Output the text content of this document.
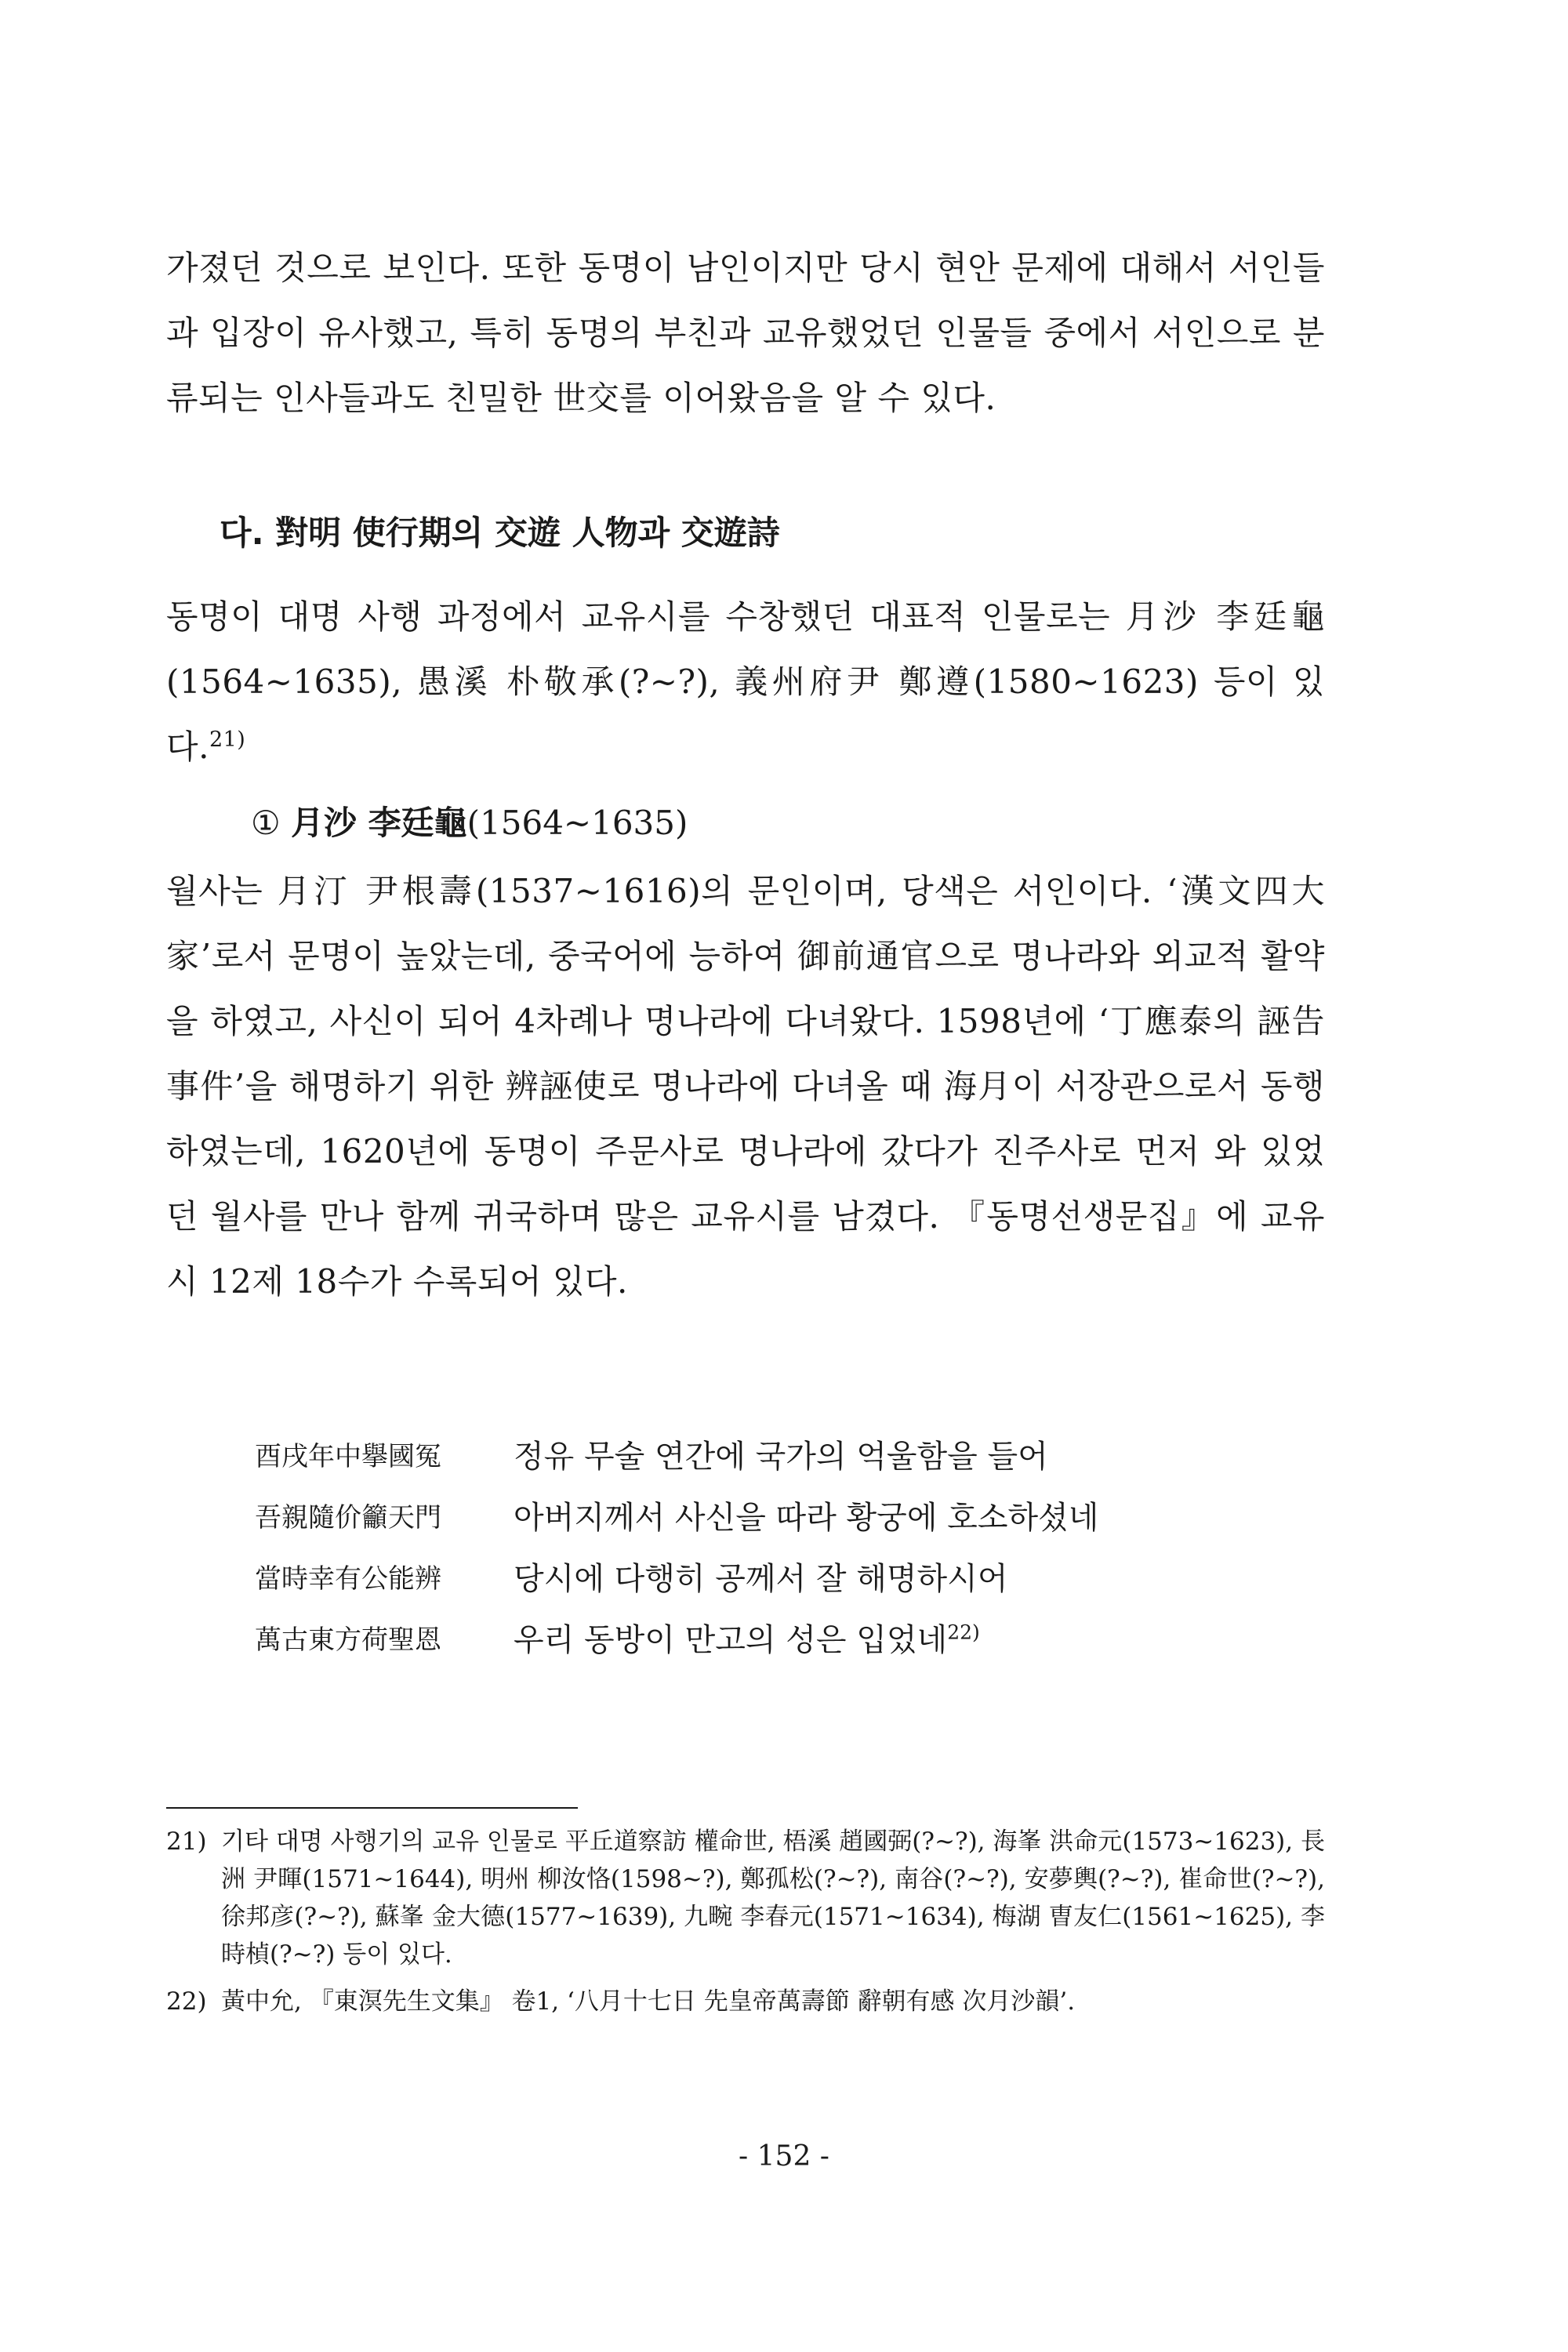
가졌던 것으로 보인다. 또한 동명이 남인이지만 당시 현안 문제에 대해서 서인들과 입장이 유사했고, 특히 동명의 부친과 교유했었던 인물들 중에서 서인으로 분류되는 인사들과도 친밀한 世交를 이어왔음을 알 수 있다.

다. 對明 使行期의 交遊 人物과 交遊詩

동명이 대명 사행 과정에서 교유시를 수창했던 대표적 인물로는 月沙 李廷龜(1564~1635), 愚溪 朴敬承(?~?), 義州府尹 鄭遵(1580~1623) 등이 있다.$^{21)}$

① 月沙 李廷龜(1564~1635)

월사는 月汀 尹根壽(1537~1616)의 문인이며, 당색은 서인이다. ‘漢文四大家’로서 문명이 높았는데, 중국어에 능하여 御前通官으로 명나라와 외교적 활약을 하였고, 사신이 되어 4차례나 명나라에 다녀왔다. 1598년에 ‘丁應泰의 誣告事件’을 해명하기 위한 辨誣使로 명나라에 다녀올 때 海月이 서장관으로서 동행하였는데, 1620년에 동명이 주문사로 명나라에 갔다가 진주사로 먼저 와 있었던 월사를 만나 함께 귀국하며 많은 교유시를 남겼다. 『동명선생문집』에 교유시 12제 18수가 수록되어 있다.

酉戌年中擧國冤	정유 무술 연간에 국가의 억울함을 들어
吾親隨价籲天門	아버지께서 사신을 따라 황궁에 호소하셨네
當時幸有公能辨	당시에 다행히 공께서 잘 해명하시어
萬古東方荷聖恩	우리 동방이 만고의 성은 입었네$^{22)}$
21) 기타 대명 사행기의 교유 인물로 平丘道察訪 權命世, 梧溪 趙國弼(?~?), 海峯 洪命元(1573~1623), 長洲 尹暉(1571~1644), 明州 柳汝恪(1598~?), 鄭孤松(?~?), 南谷(?~?), 安夢輿(?~?), 崔命世(?~?), 徐邦彦(?~?), 蘇峯 金大德(1577~1639), 九畹 李春元(1571~1634), 梅湖 曺友仁(1561~1625), 李時楨(?~?) 등이 있다.
22) 黃中允, 『東溟先生文集』 卷1, ‘八月十七日 先皇帝萬壽節 辭朝有感 次月沙韻’.
- 152 -
